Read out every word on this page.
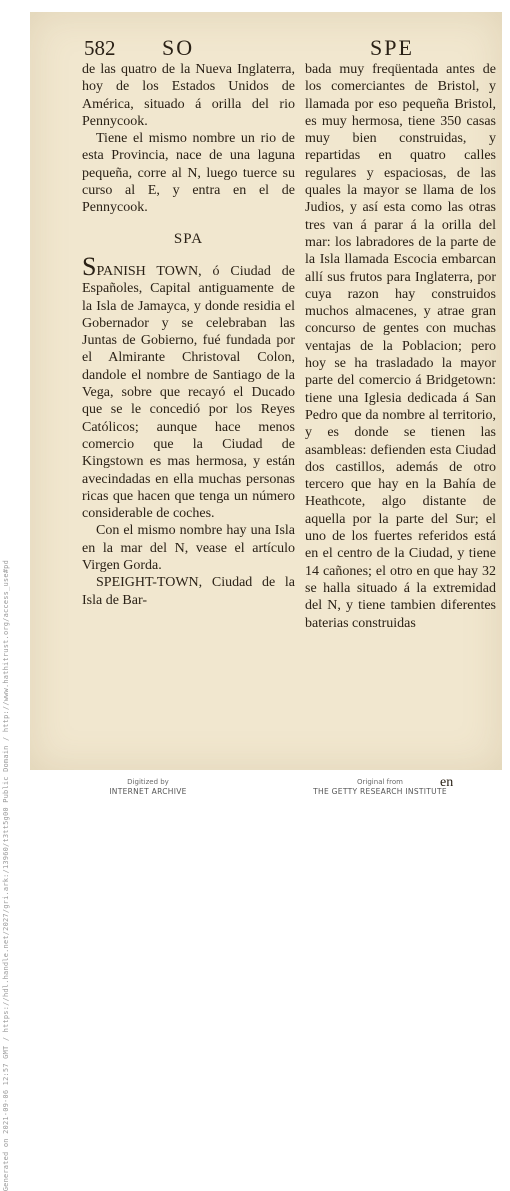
Generated on 2021-09-06 12:57 GMT / https://hdl.handle.net/2027/gri.ark:/13960/t3tt5g00 Public Domain / http://www.hathitrust.org/access_use#pd
582 SO	SPE

de las quatro de la Nueva Inglaterra, hoy de los Estados Unidos de América, situado á orilla del rio Pennycook.

Tiene el mismo nombre un rio de esta Provincia, nace de una laguna pequeña, corre al N, luego tuerce su curso al E, y entra en el de Pennycook.

SPA

SPANISH TOWN, ó Ciudad de Españoles, Capital antiguamente de la Isla de Jamayca, y donde residia el Gobernador y se celebraban las Juntas de Gobierno, fué fundada por el Almirante Christoval Colon, dandole el nombre de Santiago de la Vega, sobre que recayó el Ducado que se le concedió por los Reyes Católicos; aunque hace menos comercio que la Ciudad de Kingstown es mas hermosa, y están avecindadas en ella muchas personas ricas que hacen que tenga un número considerable de coches.

Con el mismo nombre hay una Isla en la mar del N, vease el artículo Virgen Gorda.

SPEIGHT-TOWN, Ciudad de la Isla de Bar-

bada muy freqüentada antes de los comerciantes de Bristol, y llamada por eso pequeña Bristol, es muy hermosa, tiene 350 casas muy bien construidas, y repartidas en quatro calles regulares y espaciosas, de las quales la mayor se llama de los Judios, y así esta como las otras tres van á parar á la orilla del mar: los labradores de la parte de la Isla llamada Escocia embarcan allí sus frutos para Inglaterra, por cuya razon hay construidos muchos almacenes, y atrae gran concurso de gentes con muchas ventajas de la Poblacion; pero hoy se ha trasladado la mayor parte del comercio á Bridgetown: tiene una Iglesia dedicada á San Pedro que da nombre al territorio, y es donde se tienen las asambleas: defienden esta Ciudad dos castillos, además de otro tercero que hay en la Bahía de Heathcote, algo distante de aquella por la parte del Sur; el uno de los fuertes referidos está en el centro de la Ciudad, y tiene 14 cañones; el otro en que hay 32 se halla situado á la extremidad del N, y tiene tambien diferentes baterias construidas

en
Digitized by
INTERNET ARCHIVE
Original from
THE GETTY RESEARCH INSTITUTE
